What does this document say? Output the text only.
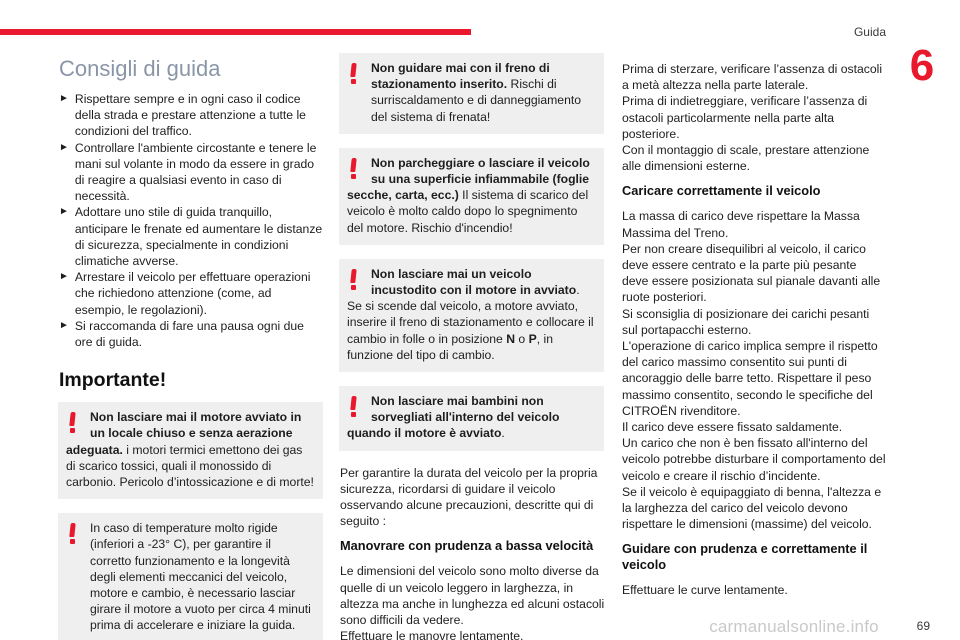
Guida
6
69
carmanualsonline.info
Consigli di guida
► Rispettare sempre e in ogni caso il codice della strada e prestare attenzione a tutte le condizioni del traffico.

► Controllare l'ambiente circostante e tenere le mani sul volante in modo da essere in grado di reagire a qualsiasi evento in caso di necessità.

► Adottare uno stile di guida tranquillo, anticipare le frenate ed aumentare le distanze di sicurezza, specialmente in condizioni climatiche avverse.

► Arrestare il veicolo per effettuare operazioni che richiedono attenzione (come, ad esempio, le regolazioni).

► Si raccomanda di fare una pausa ogni due ore di guida.

Importante!

Non lasciare mai il motore avviato in un locale chiuso e senza aerazione

adeguata. i motori termici emettono dei gas di scarico tossici, quali il monossido di carbonio. Pericolo d’intossicazione e di morte!

In caso di temperature molto rigide (inferiori a -23° C), per garantire il corretto funzionamento e la longevità degli elementi meccanici del veicolo, motore e cambio, è necessario lasciar girare il motore a vuoto per circa 4 minuti prima di accelerare e iniziare la guida.

Non guidare mai con il freno di stazionamento inserito. Rischi di surriscaldamento e di danneggiamento del sistema di frenata!

Non parcheggiare o lasciare il veicolo su una superficie infiammabile (foglie

secche, carta, ecc.) Il sistema di scarico del veicolo è molto caldo dopo lo spegnimento del motore. Rischio d'incendio!

Non lasciare mai un veicolo incustodito con il motore in avviato.

Se si scende dal veicolo, a motore avviato, inserire il freno di stazionamento e collocare il cambio in folle o in posizione N o P, in funzione del tipo di cambio.

Non lasciare mai bambini non sorvegliati all'interno del veicolo

quando il motore è avviato.

Per garantire la durata del veicolo per la propria sicurezza, ricordarsi di guidare il veicolo osservando alcune precauzioni, descritte qui di seguito :

Manovrare con prudenza a bassa velocità

Le dimensioni del veicolo sono molto diverse da quelle di un veicolo leggero in larghezza, in altezza ma anche in lunghezza ed alcuni ostacoli sono difficili da vedere.

Effettuare le manovre lentamente.

Prima di sterzare, verificare l’assenza di ostacoli a metà altezza nella parte laterale.

Prima di indietreggiare, verificare l’assenza di ostacoli particolarmente nella parte alta posteriore.

Con il montaggio di scale, prestare attenzione alle dimensioni esterne.

Caricare correttamente il veicolo

La massa di carico deve rispettare la Massa Massima del Treno.

Per non creare disequilibri al veicolo, il carico deve essere centrato e la parte più pesante deve essere posizionata sul pianale davanti alle ruote posteriori.

Si sconsiglia di posizionare dei carichi pesanti sul portapacchi esterno.

L'operazione di carico implica sempre il rispetto del carico massimo consentito sui punti di ancoraggio delle barre tetto. Rispettare il peso massimo consentito, secondo le specifiche del CITROËN rivenditore.

Il carico deve essere fissato saldamente.

Un carico che non è ben fissato all'interno del veicolo potrebbe disturbare il comportamento del veicolo e creare il rischio d’incidente.

Se il veicolo è equipaggiato di benna, l'altezza e la larghezza del carico del veicolo devono rispettare le dimensioni (massime) del veicolo.

Guidare con prudenza e correttamente il veicolo

Effettuare le curve lentamente.
